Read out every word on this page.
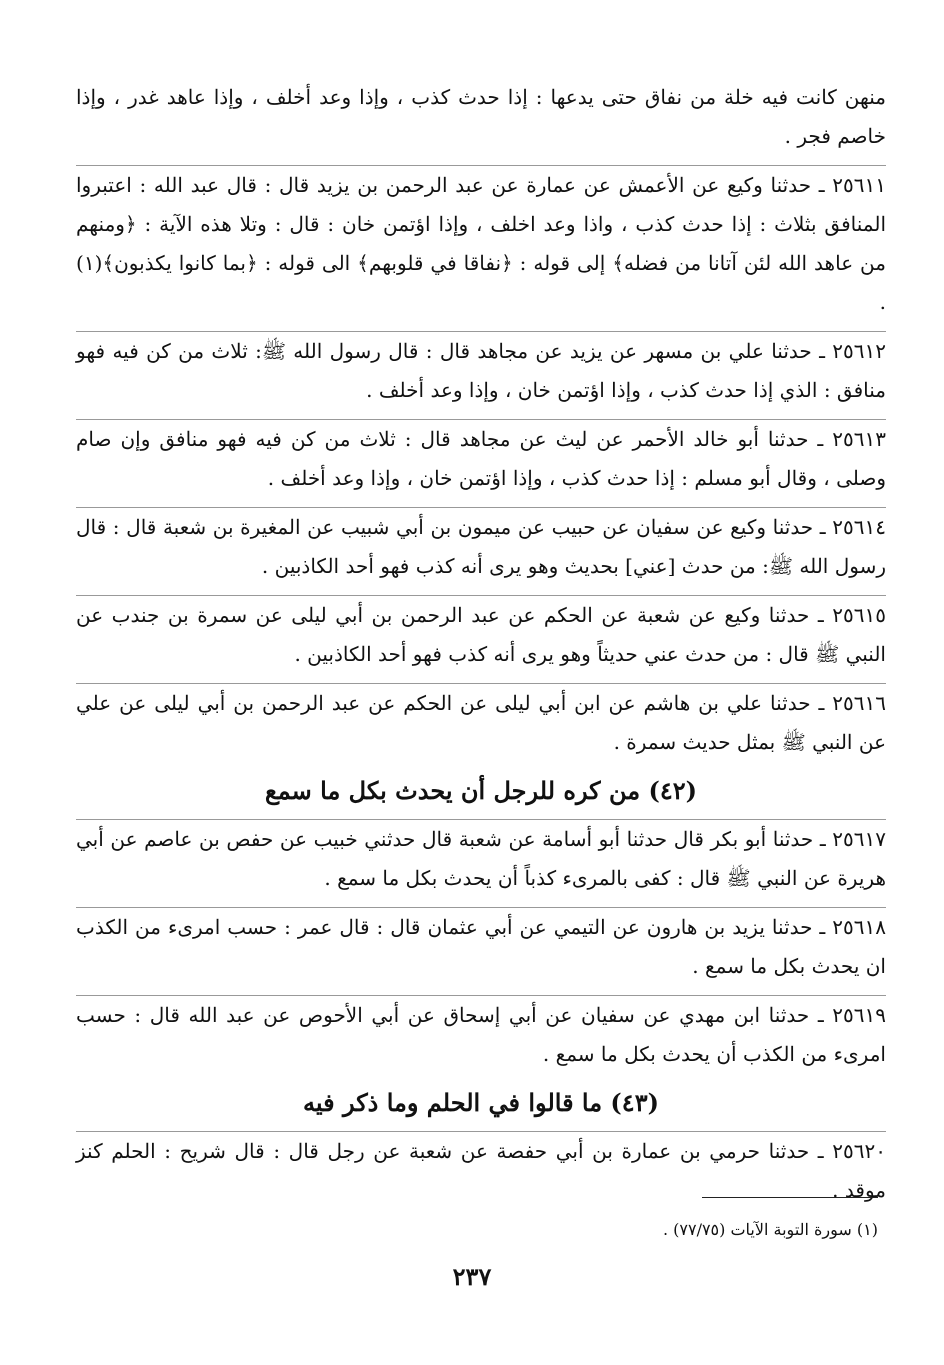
منهن كانت فيه خلة من نفاق حتى يدعها : إذا حدث كذب ، وإذا وعد أخلف ، وإذا عاهد غدر ، وإذا خاصم فجر .

٢٥٦١١ ـ حدثنا وكيع عن الأعمش عن عمارة عن عبد الرحمن بن يزيد قال : قال عبد الله : اعتبروا المنافق بثلاث : إذا حدث كذب ، واذا وعد اخلف ، وإذا اؤتمن خان : قال : وتلا هذه الآية : ﴿ومنهم من عاهد الله لئن آتانا من فضله﴾ إلى قوله : ﴿نفاقا في قلوبهم﴾ الى قوله : ﴿بما كانوا يكذبون﴾(١) .

٢٥٦١٢ ـ حدثنا علي بن مسهر عن يزيد عن مجاهد قال : قال رسول الله ﷺ: ثلاث من كن فيه فهو منافق : الذي إذا حدث كذب ، وإذا اؤتمن خان ، وإذا وعد أخلف .

٢٥٦١٣ ـ حدثنا أبو خالد الأحمر عن ليث عن مجاهد قال : ثلاث من كن فيه فهو منافق وإن صام وصلى ، وقال أبو مسلم : إذا حدث كذب ، وإذا اؤتمن خان ، وإذا وعد أخلف .

٢٥٦١٤ ـ حدثنا وكيع عن سفيان عن حبيب عن ميمون بن أبي شبيب عن المغيرة بن شعبة قال : قال رسول الله ﷺ: من حدث [عني] بحديث وهو يرى أنه كذب فهو أحد الكاذبين .

٢٥٦١٥ ـ حدثنا وكيع عن شعبة عن الحكم عن عبد الرحمن بن أبي ليلى عن سمرة بن جندب عن النبي ﷺ قال : من حدث عني حديثاً وهو يرى أنه كذب فهو أحد الكاذبين .

٢٥٦١٦ ـ حدثنا علي بن هاشم عن ابن أبي ليلى عن الحكم عن عبد الرحمن بن أبي ليلى عن علي عن النبي ﷺ بمثل حديث سمرة .

(٤٢) من كره للرجل أن يحدث بكل ما سمع

٢٥٦١٧ ـ حدثنا أبو بكر قال حدثنا أبو أسامة عن شعبة قال حدثني خبيب عن حفص بن عاصم عن أبي هريرة عن النبي ﷺ قال : كفى بالمرىء كذباً أن يحدث بكل ما سمع .

٢٥٦١٨ ـ حدثنا يزيد بن هارون عن التيمي عن أبي عثمان قال : قال عمر : حسب امرىء من الكذب ان يحدث بكل ما سمع .

٢٥٦١٩ ـ حدثنا ابن مهدي عن سفيان عن أبي إسحاق عن أبي الأحوص عن عبد الله قال : حسب امرىء من الكذب أن يحدث بكل ما سمع .

(٤٣) ما قالوا في الحلم وما ذكر فيه

٢٥٦٢٠ ـ حدثنا حرمي بن عمارة بن أبي حفصة عن شعبة عن رجل قال : قال شريح : الحلم كنز موقد .

(١) سورة التوبة الآيات (٧٧/٧٥) .
٢٣٧
